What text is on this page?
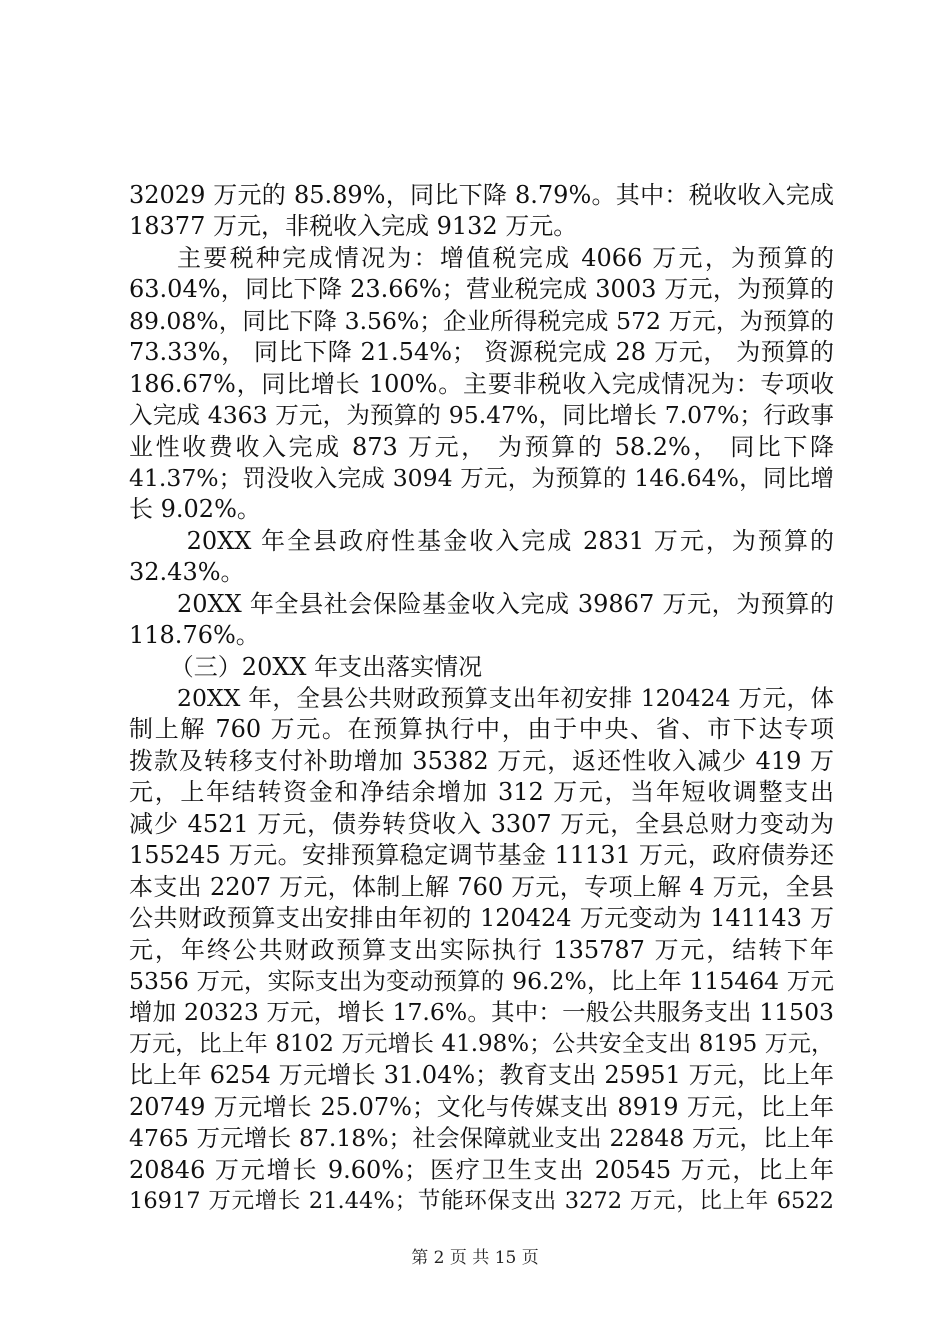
32029 万元的 85.89%，同比下降 8.79%。其中：税收收入完成
18377 万元，非税收入完成 9132 万元。
主要税种完成情况为：增值税完成 4066 万元，为预算的
63.04%，同比下降 23.66%；营业税完成 3003 万元，为预算的
89.08%，同比下降 3.56%；企业所得税完成 572 万元，为预算的
73.33%， 同比下降 21.54%； 资源税完成 28 万元， 为预算的
186.67%，同比增长 100%。主要非税收入完成情况为：专项收
入完成 4363 万元，为预算的 95.47%，同比增长 7.07%；行政事
业性收费收入完成 873 万元， 为预算的 58.2%， 同比下降
41.37%；罚没收入完成 3094 万元，为预算的 146.64%，同比增
长 9.02%。
20XX 年全县政府性基金收入完成 2831 万元，为预算的
32.43%。
20XX 年全县社会保险基金收入完成 39867 万元，为预算的
118.76%。
（三）20XX 年支出落实情况
20XX 年，全县公共财政预算支出年初安排 120424 万元，体
制上解 760 万元。在预算执行中，由于中央、省、市下达专项
拨款及转移支付补助增加 35382 万元，返还性收入减少 419 万
元，上年结转资金和净结余增加 312 万元，当年短收调整支出
减少 4521 万元，债券转贷收入 3307 万元，全县总财力变动为
155245 万元。安排预算稳定调节基金 11131 万元，政府债券还
本支出 2207 万元，体制上解 760 万元，专项上解 4 万元，全县
公共财政预算支出安排由年初的 120424 万元变动为 141143 万
元，年终公共财政预算支出实际执行 135787 万元，结转下年
5356 万元，实际支出为变动预算的 96.2%，比上年 115464 万元
增加 20323 万元，增长 17.6%。其中：一般公共服务支出 11503
万元，比上年 8102 万元增长 41.98%；公共安全支出 8195 万元，
比上年 6254 万元增长 31.04%；教育支出 25951 万元，比上年
20749 万元增长 25.07%；文化与传媒支出 8919 万元，比上年
4765 万元增长 87.18%；社会保障就业支出 22848 万元，比上年
20846 万元增长 9.60%；医疗卫生支出 20545 万元，比上年
16917 万元增长 21.44%；节能环保支出 3272 万元，比上年 6522
第 2 页 共 15 页
